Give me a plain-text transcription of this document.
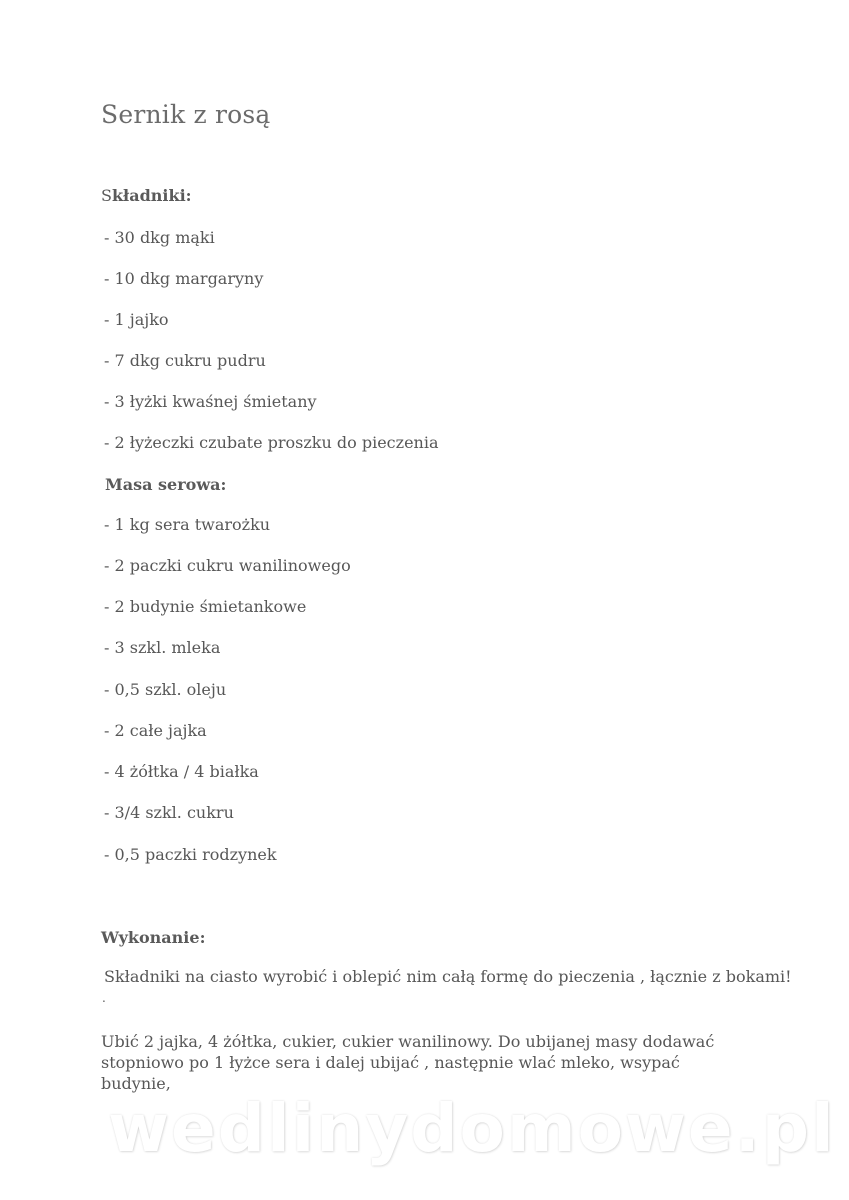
Sernik z rosą

Składniki:

- 30 dkg mąki

- 10 dkg margaryny

- 1 jajko

- 7 dkg cukru pudru

- 3 łyżki kwaśnej śmietany

- 2 łyżeczki czubate proszku do pieczenia

Masa serowa:

- 1 kg sera twarożku

- 2 paczki cukru wanilinowego

- 2 budynie śmietankowe

- 3 szkl. mleka

- 0,5 szkl. oleju

- 2 całe jajka

- 4 żółtka / 4 białka

- 3/4 szkl. cukru

- 0,5 paczki rodzynek

Wykonanie:

Składniki na ciasto wyrobić i oblepić nim całą formę do pieczenia , łącznie z bokami!

.

Ubić 2 jajka, 4 żółtka, cukier, cukier wanilinowy. Do ubijanej masy dodawać stopniowo po 1 łyżce sera i dalej ubijać , następnie wlać mleko, wsypać budynie,

wedlinydomowe.pl
